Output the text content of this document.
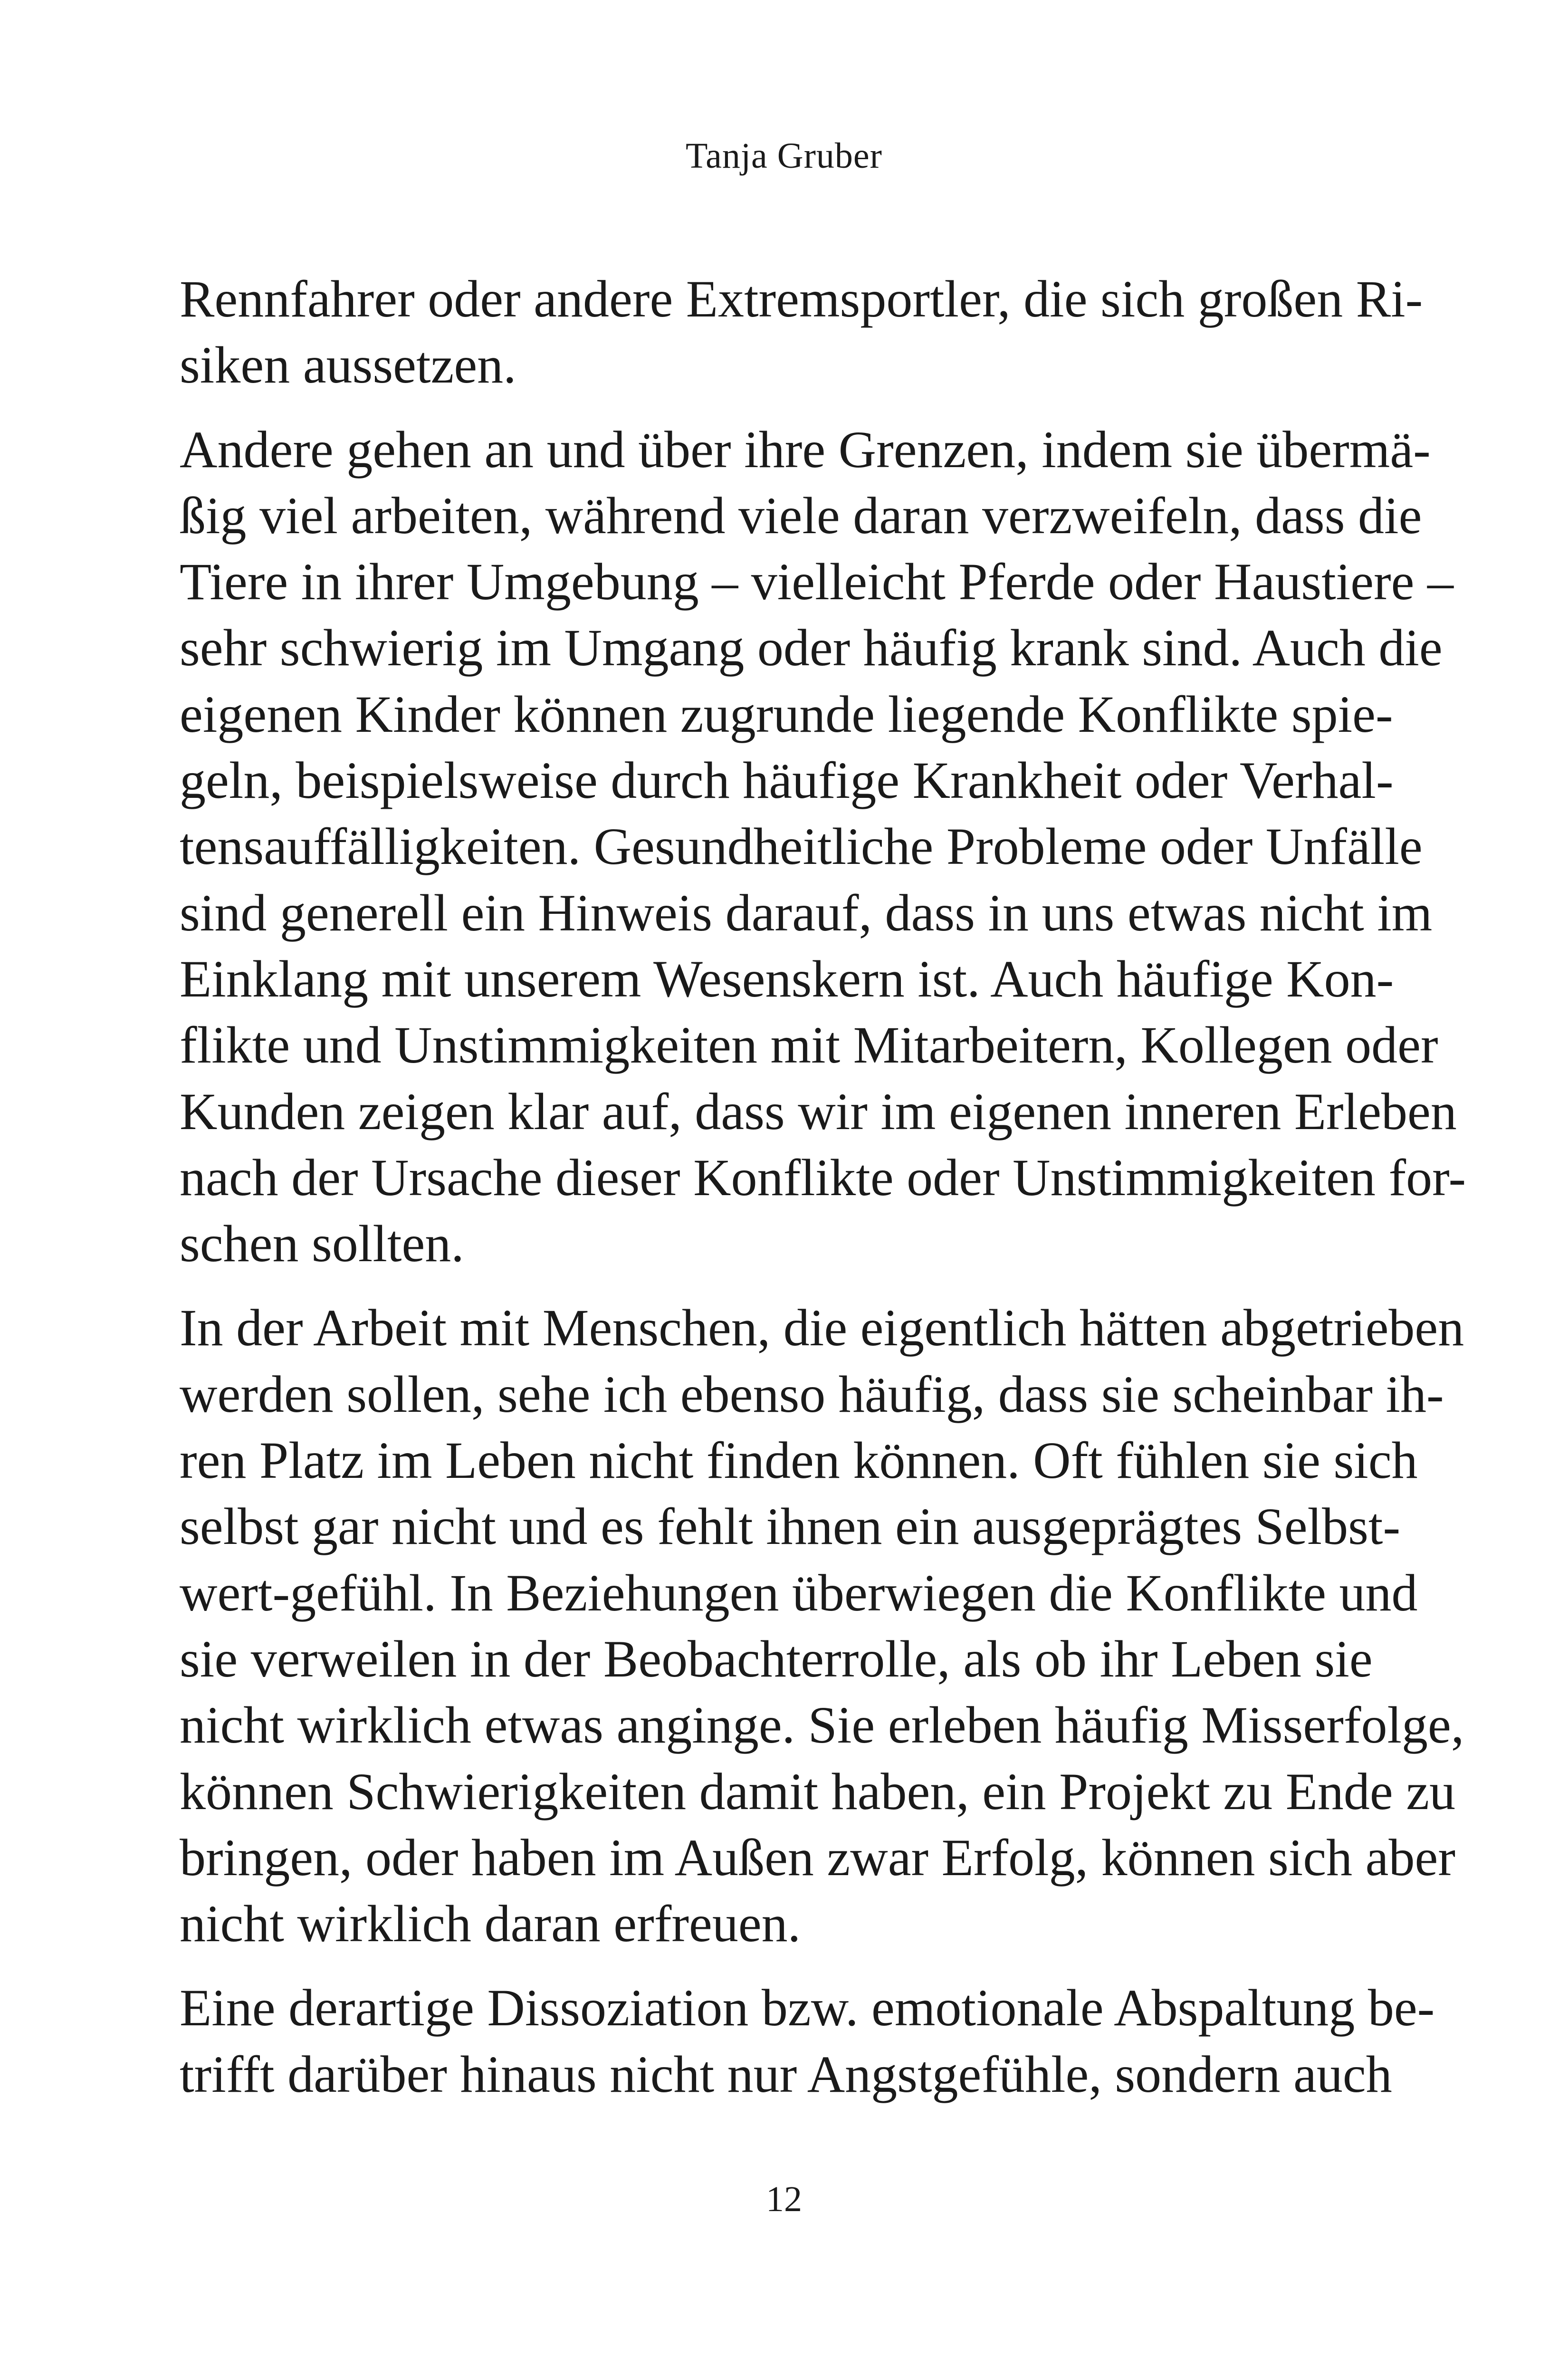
Tanja Gruber
Rennfahrer oder andere Extremsportler, die sich großen Ri-
siken aussetzen.
Andere gehen an und über ihre Grenzen, indem sie übermä-
ßig viel arbeiten, während viele daran verzweifeln, dass die
Tiere in ihrer Umgebung – vielleicht Pferde oder Haustiere –
sehr schwierig im Umgang oder häufig krank sind. Auch die
eigenen Kinder können zugrunde liegende Konflikte spie-
geln, beispielsweise durch häufige Krankheit oder Verhal-
tensauffälligkeiten. Gesundheitliche Probleme oder Unfälle
sind generell ein Hinweis darauf, dass in uns etwas nicht im
Einklang mit unserem Wesenskern ist. Auch häufige Kon-
flikte und Unstimmigkeiten mit Mitarbeitern, Kollegen oder
Kunden zeigen klar auf, dass wir im eigenen inneren Erleben
nach der Ursache dieser Konflikte oder Unstimmigkeiten for-
schen sollten.
In der Arbeit mit Menschen, die eigentlich hätten abgetrieben
werden sollen, sehe ich ebenso häufig, dass sie scheinbar ih-
ren Platz im Leben nicht finden können. Oft fühlen sie sich
selbst gar nicht und es fehlt ihnen ein ausgeprägtes Selbst-
wert-gefühl. In Beziehungen überwiegen die Konflikte und
sie verweilen in der Beobachterrolle, als ob ihr Leben sie
nicht wirklich etwas anginge. Sie erleben häufig Misserfolge,
können Schwierigkeiten damit haben, ein Projekt zu Ende zu
bringen, oder haben im Außen zwar Erfolg, können sich aber
nicht wirklich daran erfreuen.
Eine derartige Dissoziation bzw. emotionale Abspaltung be-
trifft darüber hinaus nicht nur Angstgefühle, sondern auch
12
